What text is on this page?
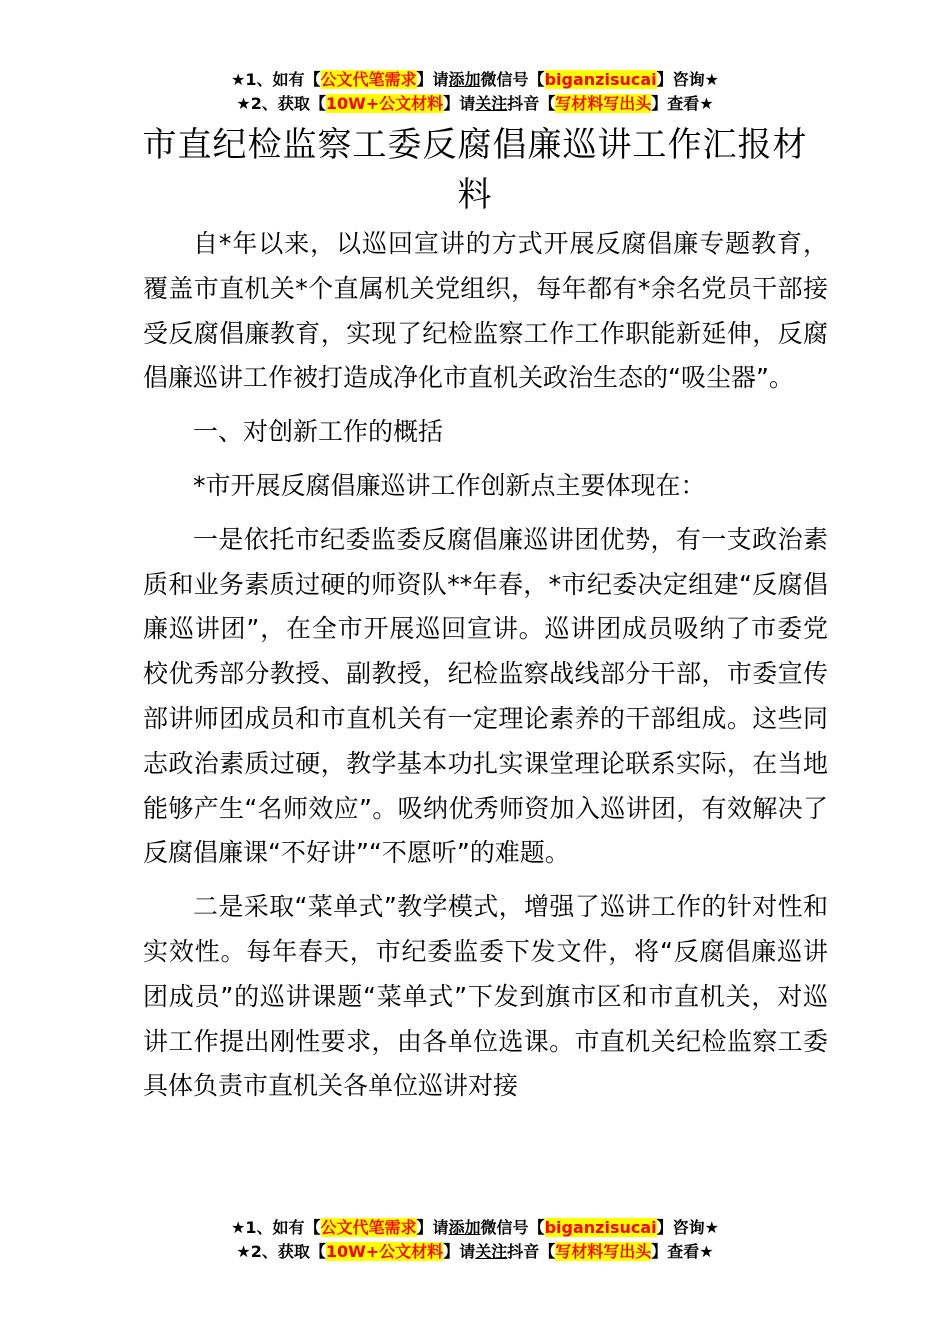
★1、如有【公文代笔需求】请添加微信号【biganzisucai】咨询★
★2、获取【10W+公文材料】请关注抖音【写材料写出头】查看★
市直纪检监察工委反腐倡廉巡讲工作汇报材料

自*年以来，以巡回宣讲的方式开展反腐倡廉专题教育，覆盖市直机关*个直属机关党组织，每年都有*余名党员干部接受反腐倡廉教育，实现了纪检监察工作工作职能新延伸，反腐倡廉巡讲工作被打造成净化市直机关政治生态的“吸尘器”。

一、对创新工作的概括

*市开展反腐倡廉巡讲工作创新点主要体现在：

一是依托市纪委监委反腐倡廉巡讲团优势，有一支政治素质和业务素质过硬的师资队**年春，*市纪委决定组建“反腐倡廉巡讲团”，在全市开展巡回宣讲。巡讲团成员吸纳了市委党校优秀部分教授、副教授，纪检监察战线部分干部，市委宣传部讲师团成员和市直机关有一定理论素养的干部组成。这些同志政治素质过硬，教学基本功扎实课堂理论联系实际，在当地能够产生“名师效应”。吸纳优秀师资加入巡讲团，有效解决了反腐倡廉课“不好讲”“不愿听”的难题。

二是采取“菜单式”教学模式，增强了巡讲工作的针对性和实效性。每年春天，市纪委监委下发文件，将“反腐倡廉巡讲团成员”的巡讲课题“菜单式”下发到旗市区和市直机关，对巡讲工作提出刚性要求，由各单位选课。市直机关纪检监察工委具体负责市直机关各单位巡讲对接

★1、如有【公文代笔需求】请添加微信号【biganzisucai】咨询★
★2、获取【10W+公文材料】请关注抖音【写材料写出头】查看★
